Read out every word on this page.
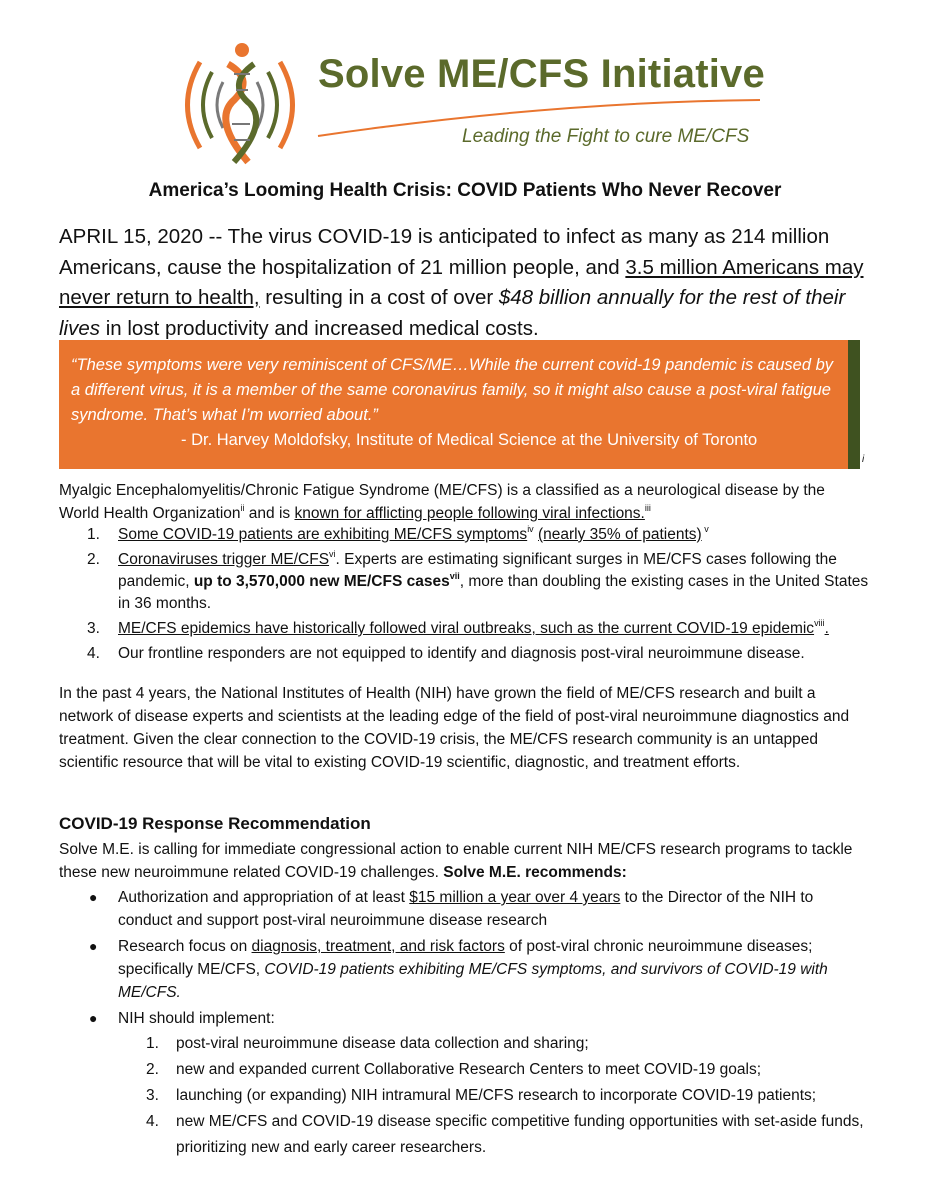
Solve ME/CFS Initiative
Leading the Fight to cure ME/CFS
America’s Looming Health Crisis: COVID Patients Who Never Recover
APRIL 15, 2020 -- The virus COVID-19 is anticipated to infect as many as 214 million Americans, cause the hospitalization of 21 million people, and 3.5 million Americans may never return to health, resulting in a cost of over $48 billion annually for the rest of their lives in lost productivity and increased medical costs.
“These symptoms were very reminiscent of CFS/ME…While the current covid-19 pandemic is caused by a different virus, it is a member of the same coronavirus family, so it might also cause a post-viral fatigue syndrome. That’s what I’m worried about.”
- Dr. Harvey Moldofsky, Institute of Medical Science at the University of Toronto
i
Myalgic Encephalomyelitis/Chronic Fatigue Syndrome (ME/CFS) is a classified as a neurological disease by the World Health Organization$^{ii}$ and is known for afflicting people following viral infections.$^{iii}$
1.	Some COVID-19 patients are exhibiting ME/CFS symptoms$^{iv}$ (nearly 35% of patients) $^v$
2.	Coronaviruses trigger ME/CFS$^{vi}$. Experts are estimating significant surges in ME/CFS cases following the pandemic, up to 3,570,000 new ME/CFS cases$^{vii}$, more than doubling the existing cases in the United States in 36 months.
3.	ME/CFS epidemics have historically followed viral outbreaks, such as the current COVID-19 epidemic$^{viii}$.
4.	Our frontline responders are not equipped to identify and diagnosis post-viral neuroimmune disease.
In the past 4 years, the National Institutes of Health (NIH) have grown the field of ME/CFS research and built a network of disease experts and scientists at the leading edge of the field of post-viral neuroimmune diagnostics and treatment. Given the clear connection to the COVID-19 crisis, the ME/CFS research community is an untapped scientific resource that will be vital to existing COVID-19 scientific, diagnostic, and treatment efforts.
COVID-19 Response Recommendation
Solve M.E. is calling for immediate congressional action to enable current NIH ME/CFS research programs to tackle these new neuroimmune related COVID-19 challenges. Solve M.E. recommends:
●	Authorization and appropriation of at least $15 million a year over 4 years to the Director of the NIH to conduct and support post-viral neuroimmune disease research
●	Research focus on diagnosis, treatment, and risk factors of post-viral chronic neuroimmune diseases; specifically ME/CFS, COVID-19 patients exhibiting ME/CFS symptoms, and survivors of COVID-19 with ME/CFS.
●	NIH should implement:
1.	post-viral neuroimmune disease data collection and sharing;
2.	new and expanded current Collaborative Research Centers to meet COVID-19 goals;
3.	launching (or expanding) NIH intramural ME/CFS research to incorporate COVID-19 patients;
4.	new ME/CFS and COVID-19 disease specific competitive funding opportunities with set-aside funds, prioritizing new and early career researchers.
